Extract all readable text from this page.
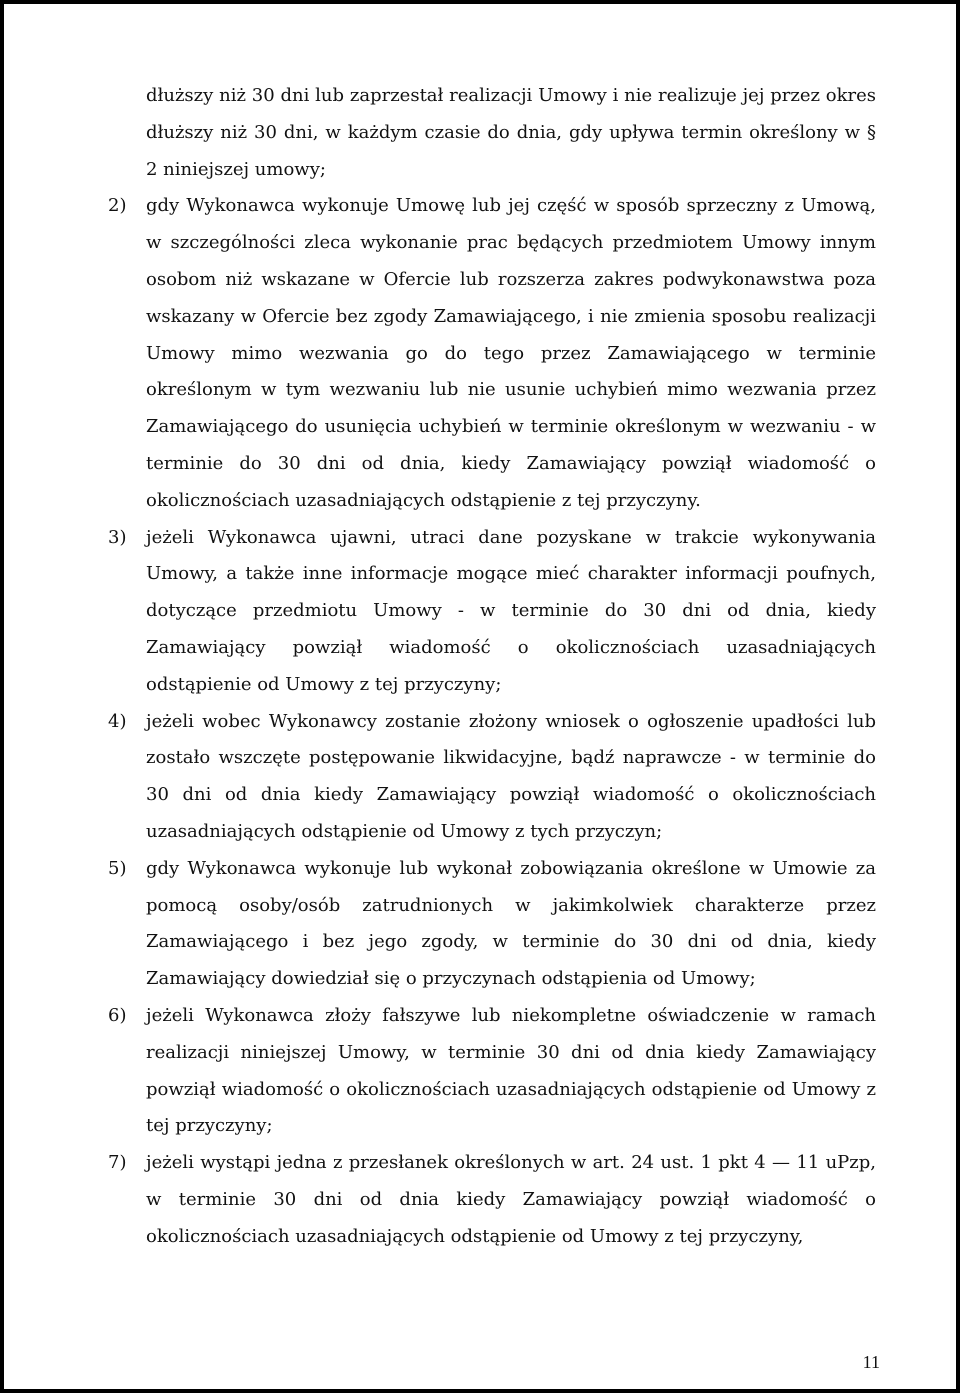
dłuższy niż 30 dni lub zaprzestał realizacji Umowy i nie realizuje jej przez okres dłuższy niż 30 dni, w każdym czasie do dnia, gdy upływa termin określony w § 2 niniejszej umowy;

2)	gdy Wykonawca wykonuje Umowę lub jej część w sposób sprzeczny z Umową, w szczególności zleca wykonanie prac będących przedmiotem Umowy innym osobom niż wskazane w Ofercie lub rozszerza zakres podwykonawstwa poza wskazany w Ofercie bez zgody Zamawiającego, i nie zmienia sposobu realizacji Umowy mimo wezwania go do tego przez Zamawiającego w terminie określonym w tym wezwaniu lub nie usunie uchybień mimo wezwania przez Zamawiającego do usunięcia uchybień w terminie określonym w wezwaniu - w terminie do 30 dni od dnia, kiedy Zamawiający powziął wiadomość o okolicznościach uzasadniających odstąpienie z tej przyczyny.
3)	jeżeli Wykonawca ujawni, utraci dane pozyskane w trakcie wykonywania Umowy, a także inne informacje mogące mieć charakter informacji poufnych, dotyczące przedmiotu Umowy - w terminie do 30 dni od dnia, kiedy Zamawiający powziął wiadomość o okolicznościach uzasadniających odstąpienie od Umowy z tej przyczyny;
4)	jeżeli wobec Wykonawcy zostanie złożony wniosek o ogłoszenie upadłości lub zostało wszczęte postępowanie likwidacyjne, bądź naprawcze - w terminie do 30 dni od dnia kiedy Zamawiający powziął wiadomość o okolicznościach uzasadniających odstąpienie od Umowy z tych przyczyn;
5)	gdy Wykonawca wykonuje lub wykonał zobowiązania określone w Umowie za pomocą osoby/osób zatrudnionych w jakimkolwiek charakterze przez Zamawiającego i bez jego zgody, w terminie do 30 dni od dnia, kiedy Zamawiający dowiedział się o przyczynach odstąpienia od Umowy;
6)	jeżeli Wykonawca złoży fałszywe lub niekompletne oświadczenie w ramach realizacji niniejszej Umowy, w terminie 30 dni od dnia kiedy Zamawiający powziął wiadomość o okolicznościach uzasadniających odstąpienie od Umowy z tej przyczyny;
7)	jeżeli wystąpi jedna z przesłanek określonych w art. 24 ust. 1 pkt 4 — 11 uPzp, w terminie 30 dni od dnia kiedy Zamawiający powziął wiadomość o okolicznościach uzasadniających odstąpienie od Umowy z tej przyczyny,
11
